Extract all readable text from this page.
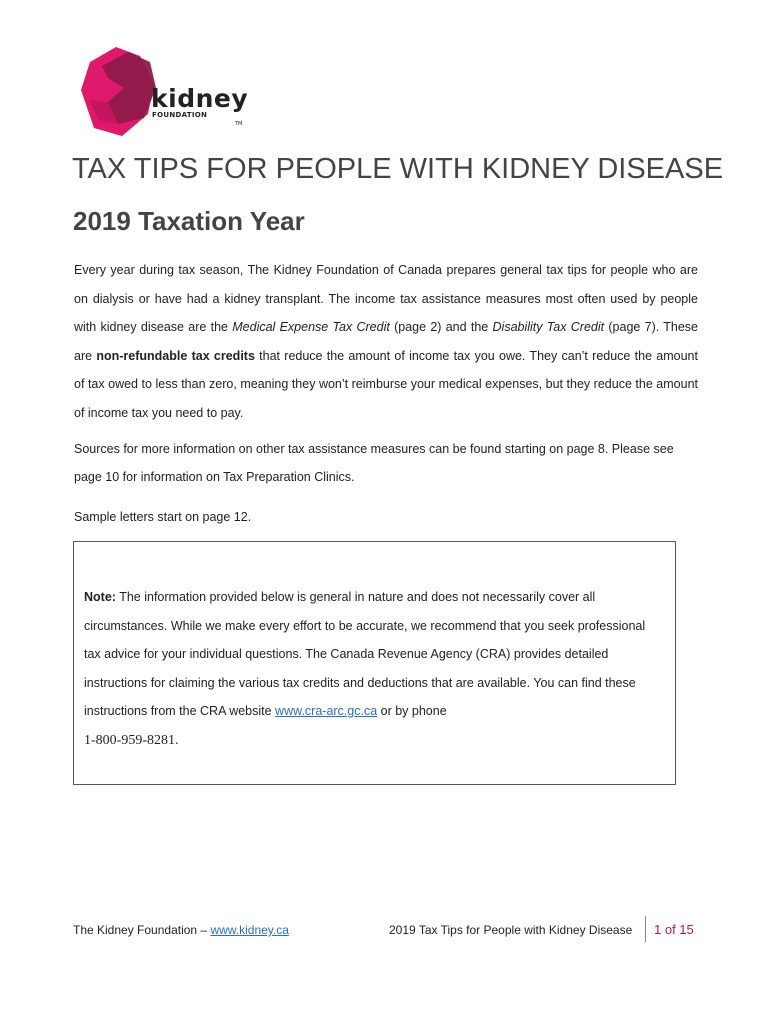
kidney
FOUNDATION
TM
TAX TIPS FOR PEOPLE WITH KIDNEY DISEASE
2019 Taxation Year

Every year during tax season, The Kidney Foundation of Canada prepares general tax tips for people who are on dialysis or have had a kidney transplant. The income tax assistance measures most often used by people with kidney disease are the Medical Expense Tax Credit (page 2) and the Disability Tax Credit (page 7). These are non-refundable tax credits that reduce the amount of income tax you owe. They can’t reduce the amount of tax owed to less than zero, meaning they won’t reimburse your medical expenses, but they reduce the amount of income tax you need to pay.

Sources for more information on other tax assistance measures can be found starting on page 8. Please see page 10 for information on Tax Preparation Clinics.

Sample letters start on page 12.

Note: The information provided below is general in nature and does not necessarily cover all circumstances. While we make every effort to be accurate, we recommend that you seek professional tax advice for your individual questions. The Canada Revenue Agency (CRA) provides detailed instructions for claiming the various tax credits and deductions that are available. You can find these instructions from the CRA website www.cra-arc.gc.ca or by phone
1-800-959-8281.

The Kidney Foundation – www.kidney.ca	2019 Tax Tips for People with Kidney Disease 1 of 15
